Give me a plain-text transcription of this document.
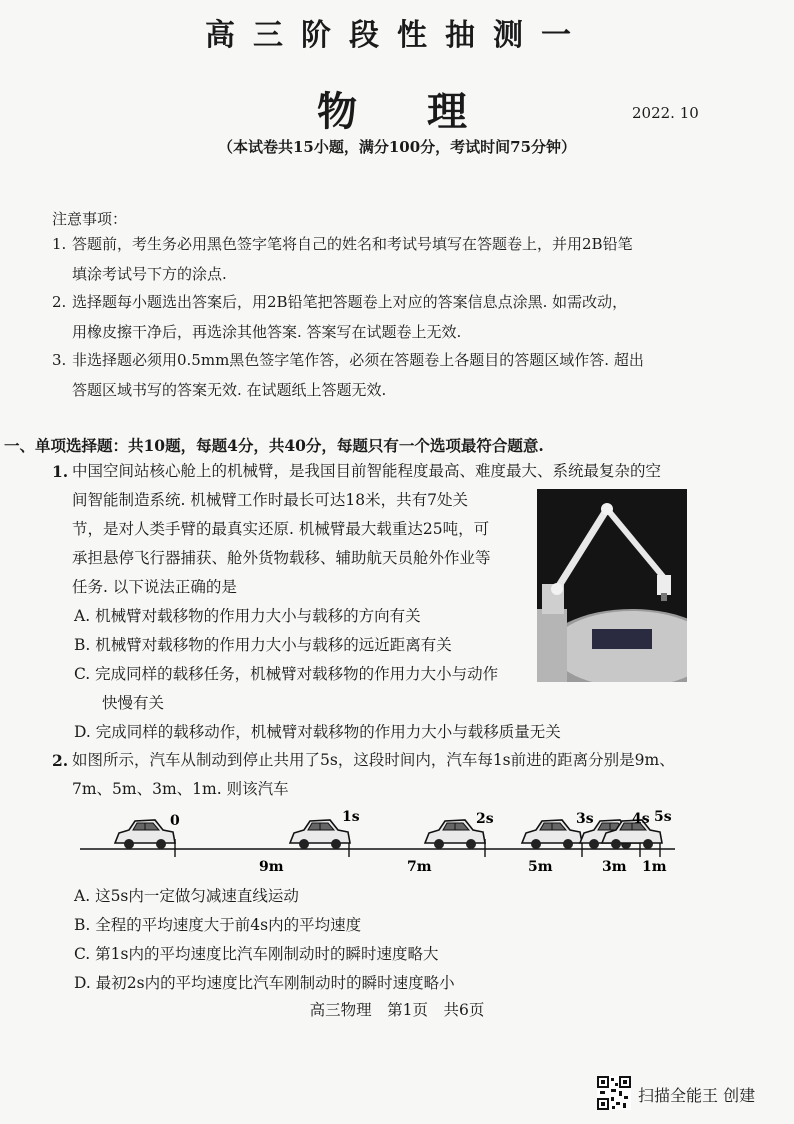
高三阶段性抽测一
物理	2022. 10
（本试卷共15小题，满分100分，考试时间75分钟）
注意事项：
1. 答题前，考生务必用黑色签字笔将自己的姓名和考试号填写在答题卷上，并用2B铅笔
填涂考试号下方的涂点.
2. 选择题每小题选出答案后，用2B铅笔把答题卷上对应的答案信息点涂黑. 如需改动，
用橡皮擦干净后，再选涂其他答案. 答案写在试题卷上无效.
3. 非选择题必须用0.5mm黑色签字笔作答，必须在答题卷上各题目的答题区域作答. 超出
答题区域书写的答案无效. 在试题纸上答题无效.
一、单项选择题：共10题，每题4分，共40分，每题只有一个选项最符合题意.
1. 中国空间站核心舱上的机械臂，是我国目前智能程度最高、难度最大、系统最复杂的空
间智能制造系统. 机械臂工作时最长可达18米，共有7处关
节，是对人类手臂的最真实还原. 机械臂最大载重达25吨，可
承担悬停飞行器捕获、舱外货物载移、辅助航天员舱外作业等
任务. 以下说法正确的是
A. 机械臂对载移物的作用力大小与载移的方向有关
B. 机械臂对载移物的作用力大小与载移的远近距离有关
C. 完成同样的载移任务，机械臂对载移物的作用力大小与动作
快慢有关
D. 完成同样的载移动作，机械臂对载移物的作用力大小与载移质量无关
2. 如图所示，汽车从制动到停止共用了5s，这段时间内，汽车每1s前进的距离分别是9m、
7m、5m、3m、1m. 则该汽车
0	1s	2s	3s	4s 5s
9m	7m	5m	3m 1m
A. 这5s内一定做匀减速直线运动
B. 全程的平均速度大于前4s内的平均速度
C. 第1s内的平均速度比汽车刚制动时的瞬时速度略大
D. 最初2s内的平均速度比汽车刚制动时的瞬时速度略小
高三物理　第1页　共6页
扫描全能王 创建
